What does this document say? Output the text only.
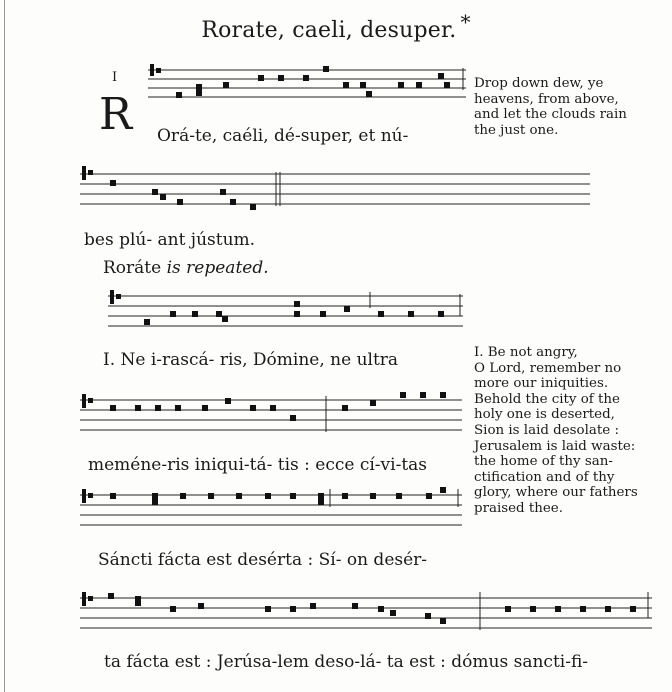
Rorate, caeli, desuper. *
I
R Orá-te, caéli, dé-super, et nú-
bes plú- ant jústum.
Roráte is repeated.
I. Ne i-rascá- ris, Dómine, ne ultra
meméne-ris iniqui-tá- tis : ecce cí-vi-tas
Sáncti fácta est desérta : Sí- on desér-
ta fácta est : Jerúsa-lem deso-lá- ta est : dómus sancti-fi-
Drop down dew, ye
heavens, from above,
and let the clouds rain
the just one.
I. Be not angry,
O Lord, remember no
more our iniquities.
Behold the city of the
holy one is deserted,
Sion is laid desolate :
Jerusalem is laid waste:
the home of thy san-
ctification and of thy
glory, where our fathers
praised thee.
